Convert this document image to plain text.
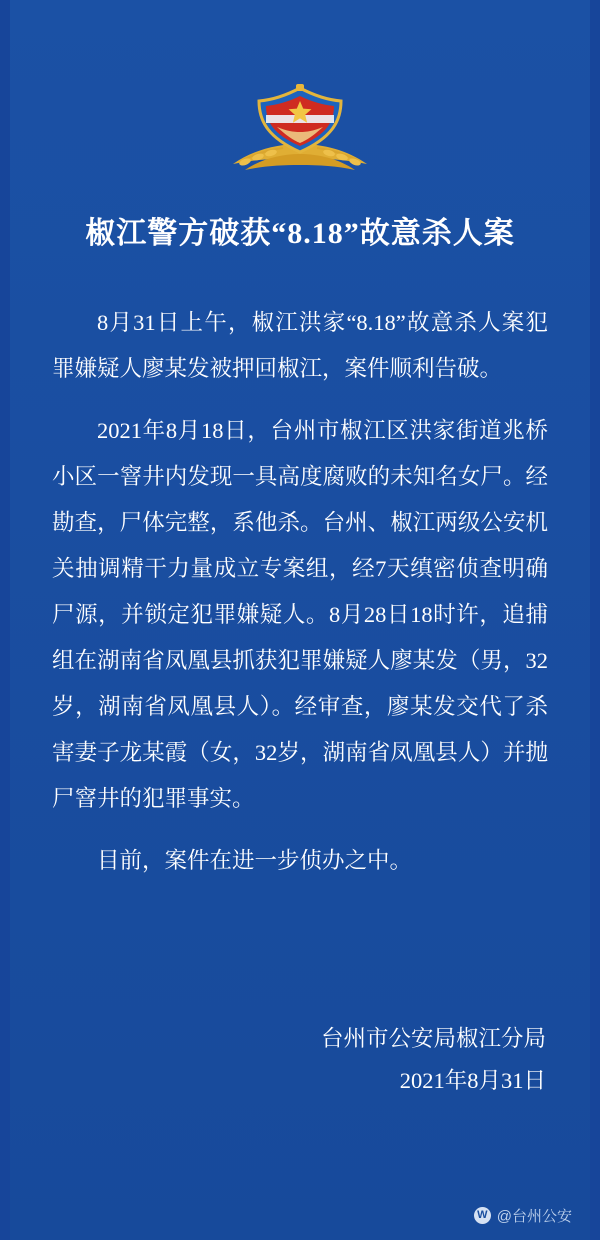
椒江警方破获“8.18”故意杀人案

8月31日上午，椒江洪家“8.18”故意杀人案犯罪嫌疑人廖某发被押回椒江，案件顺利告破。

2021年8月18日，台州市椒江区洪家街道兆桥小区一窨井内发现一具高度腐败的未知名女尸。经勘查，尸体完整，系他杀。台州、椒江两级公安机关抽调精干力量成立专案组，经7天缜密侦查明确尸源，并锁定犯罪嫌疑人。8月28日18时许，追捕组在湖南省凤凰县抓获犯罪嫌疑人廖某发（男，32岁，湖南省凤凰县人）。经审查，廖某发交代了杀害妻子龙某霞（女，32岁，湖南省凤凰县人）并抛尸窨井的犯罪事实。

目前，案件在进一步侦办之中。

台州市公安局椒江分局
2021年8月31日
W @台州公安
